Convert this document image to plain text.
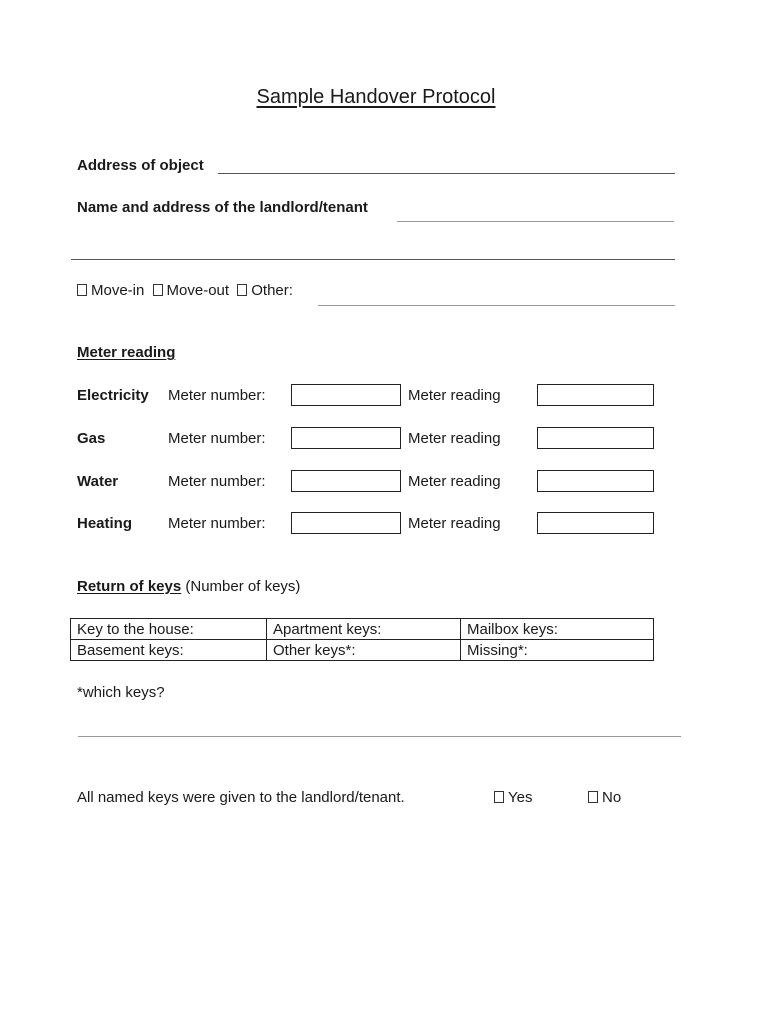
Sample Handover Protocol
Address of object
Name and address of the landlord/tenant
Move-in Move-out Other:
Meter reading
Electricity Meter number:	Meter reading
Gas	Meter number:	Meter reading
Water	Meter number:	Meter reading
Heating Meter number:	Meter reading
Return of keys (Number of keys)
Key to the house:	Apartment keys:	Mailbox keys:
Basement keys:	Other keys*:	Missing*:
*which keys?
All named keys were given to the landlord/tenant.	Yes	No
